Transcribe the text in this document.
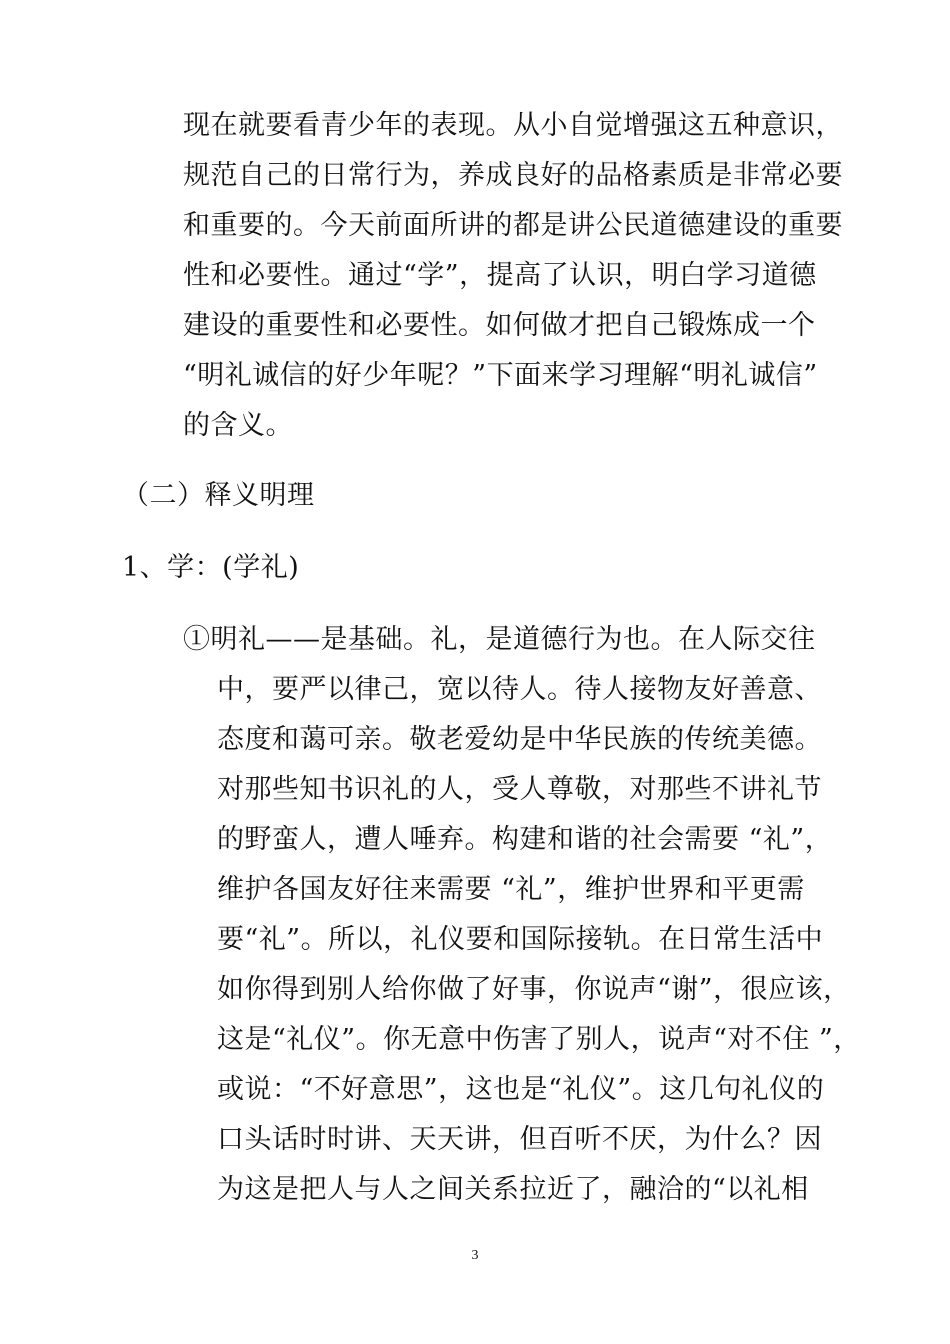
现在就要看青少年的表现。从小自觉增强这五种意识，
规范自己的日常行为，养成良好的品格素质是非常必要
和重要的。今天前面所讲的都是讲公民道德建设的重要
性和必要性。通过“学”，提高了认识，明白学习道德
建设的重要性和必要性。如何做才把自己锻炼成一个
“明礼诚信的好少年呢？”下面来学习理解“明礼诚信”
的含义。
（二）释义明理
1、学：(学礼)
①明礼——是基础。礼，是道德行为也。在人际交往
中，要严以律己，宽以待人。待人接物友好善意、
态度和蔼可亲。敬老爱幼是中华民族的传统美德。
对那些知书识礼的人，受人尊敬，对那些不讲礼节
的野蛮人，遭人唾弃。构建和谐的社会需要 “礼”，
维护各国友好往来需要 “礼”，维护世界和平更需
要“礼”。所以，礼仪要和国际接轨。在日常生活中
如你得到别人给你做了好事，你说声“谢”，很应该，
这是“礼仪”。你无意中伤害了别人，说声“对不住 ”，
或说：“不好意思”，这也是“礼仪”。这几句礼仪的
口头话时时讲、天天讲，但百听不厌，为什么？因
为这是把人与人之间关系拉近了，融洽的“以礼相
3
